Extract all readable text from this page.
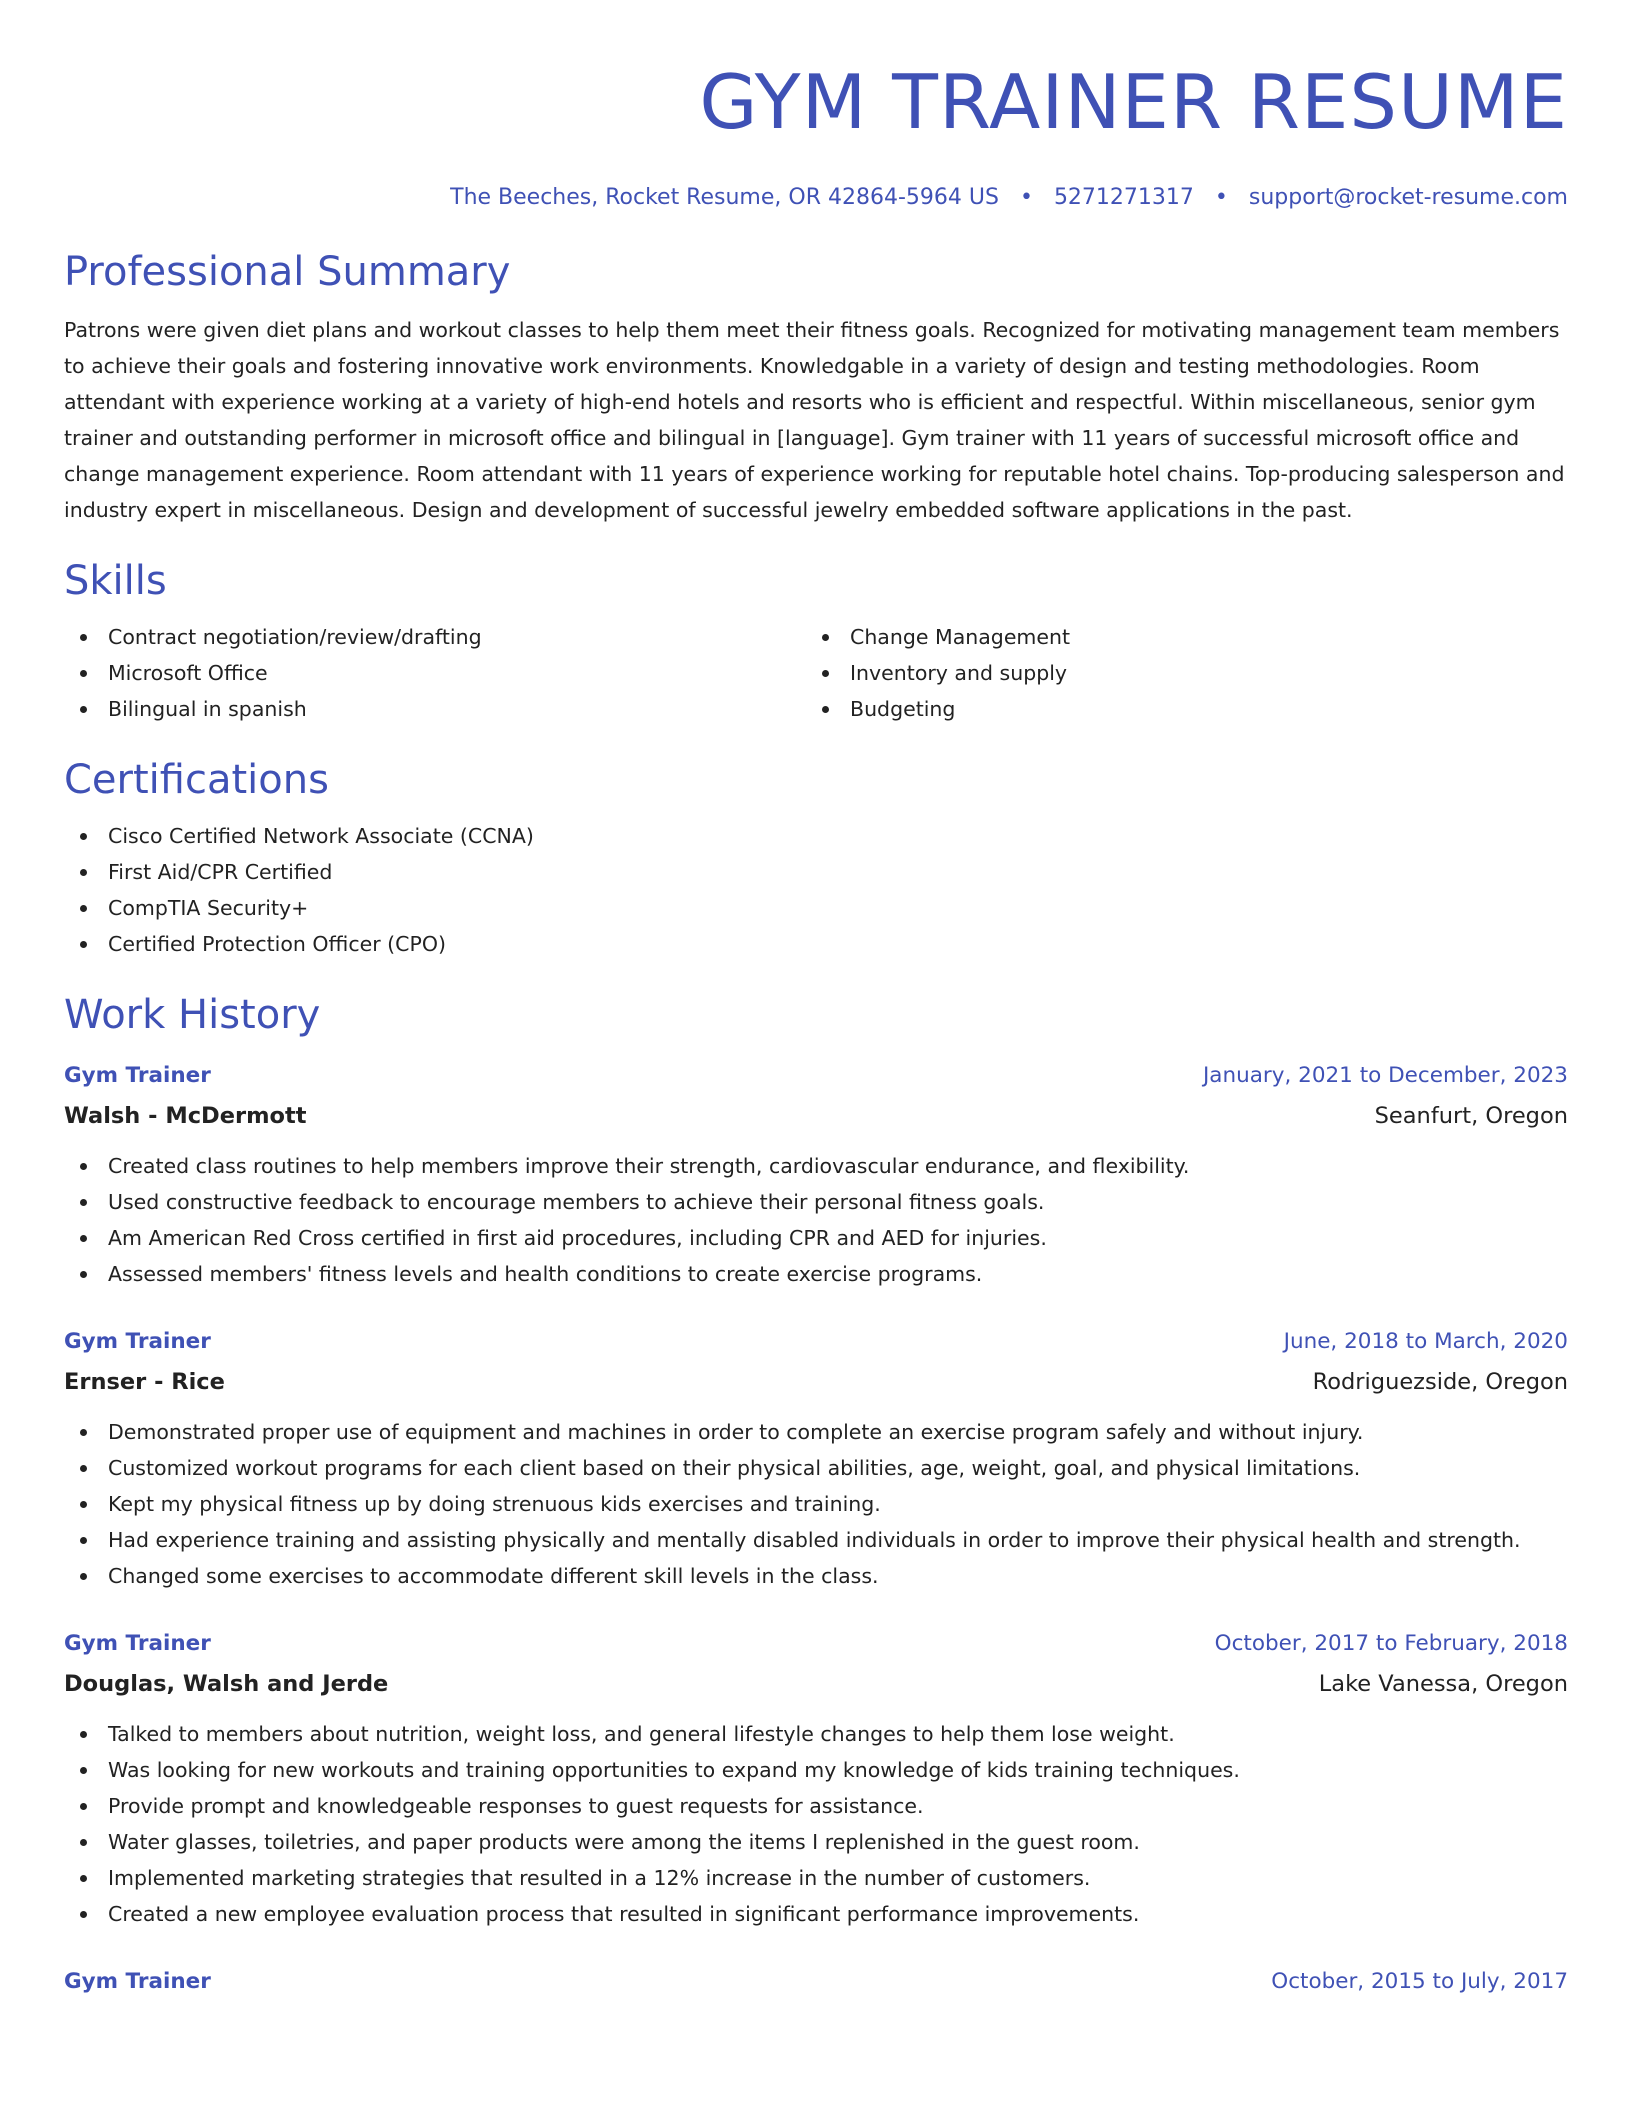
GYM TRAINER RESUME
The Beeches, Rocket Resume, OR 42864-5964 US • 5271271317 • support@rocket-resume.com
Professional Summary

Patrons were given diet plans and workout classes to help them meet their fitness goals. Recognized for motivating management team members to achieve their goals and fostering innovative work environments. Knowledgable in a variety of design and testing methodologies. Room attendant with experience working at a variety of high-end hotels and resorts who is efficient and respectful. Within miscellaneous, senior gym trainer and outstanding performer in microsoft office and bilingual in [language]. Gym trainer with 11 years of successful microsoft office and change management experience. Room attendant with 11 years of experience working for reputable hotel chains. Top-producing salesperson and industry expert in miscellaneous. Design and development of successful jewelry embedded software applications in the past.

Skills
Contract negotiation/review/drafting
Microsoft Office
Bilingual in spanish
Change Management
Inventory and supply
Budgeting
Certifications
Cisco Certified Network Associate (CCNA)
First Aid/CPR Certified
CompTIA Security+
Certified Protection Officer (CPO)
Work History
Gym Trainer	January, 2021 to December, 2023
Walsh - McDermott	Seanfurt, Oregon
Created class routines to help members improve their strength, cardiovascular endurance, and flexibility.
Used constructive feedback to encourage members to achieve their personal fitness goals.
Am American Red Cross certified in first aid procedures, including CPR and AED for injuries.
Assessed members' fitness levels and health conditions to create exercise programs.
Gym Trainer	June, 2018 to March, 2020
Ernser - Rice	Rodriguezside, Oregon
Demonstrated proper use of equipment and machines in order to complete an exercise program safely and without injury.
Customized workout programs for each client based on their physical abilities, age, weight, goal, and physical limitations.
Kept my physical fitness up by doing strenuous kids exercises and training.
Had experience training and assisting physically and mentally disabled individuals in order to improve their physical health and strength.
Changed some exercises to accommodate different skill levels in the class.
Gym Trainer	October, 2017 to February, 2018
Douglas, Walsh and Jerde	Lake Vanessa, Oregon
Talked to members about nutrition, weight loss, and general lifestyle changes to help them lose weight.
Was looking for new workouts and training opportunities to expand my knowledge of kids training techniques.
Provide prompt and knowledgeable responses to guest requests for assistance.
Water glasses, toiletries, and paper products were among the items I replenished in the guest room.
Implemented marketing strategies that resulted in a 12% increase in the number of customers.
Created a new employee evaluation process that resulted in significant performance improvements.
Gym Trainer	October, 2015 to July, 2017
